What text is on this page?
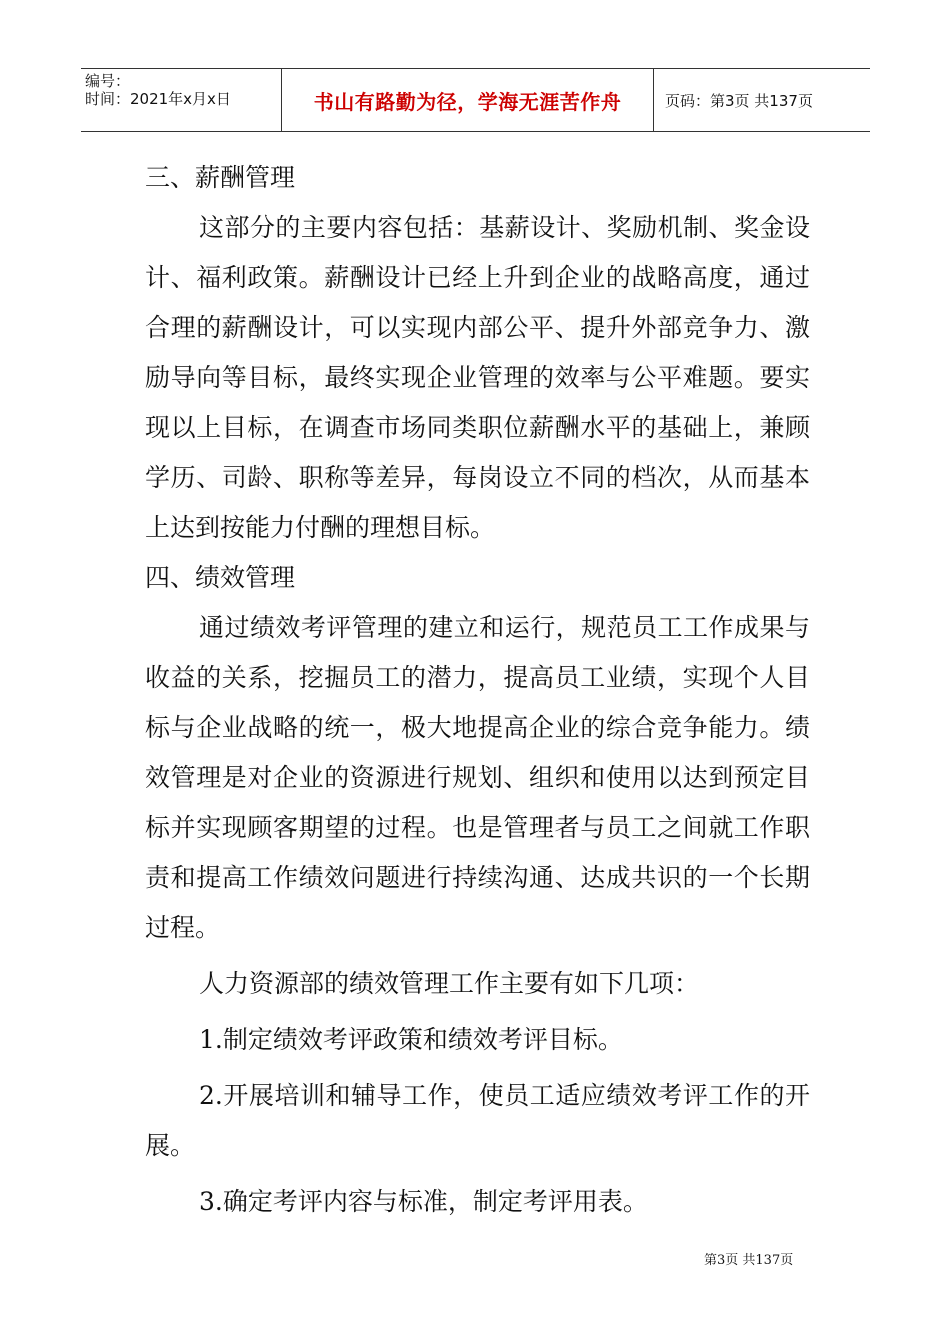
编号：
时间：2021年x月x日	书山有路勤为径，学海无涯苦作舟	页码：第3页 共137页

三、薪酬管理

这部分的主要内容包括：基薪设计、奖励机制、奖金设计、福利政策。薪酬设计已经上升到企业的战略高度，通过合理的薪酬设计，可以实现内部公平、提升外部竞争力、激励导向等目标，最终实现企业管理的效率与公平难题。要实现以上目标，在调查市场同类职位薪酬水平的基础上，兼顾学历、司龄、职称等差异，每岗设立不同的档次，从而基本上达到按能力付酬的理想目标。

四、绩效管理

通过绩效考评管理的建立和运行，规范员工工作成果与收益的关系，挖掘员工的潜力，提高员工业绩，实现个人目标与企业战略的统一，极大地提高企业的综合竞争能力。绩效管理是对企业的资源进行规划、组织和使用以达到预定目标并实现顾客期望的过程。也是管理者与员工之间就工作职责和提高工作绩效问题进行持续沟通、达成共识的一个长期过程。

人力资源部的绩效管理工作主要有如下几项：

1.制定绩效考评政策和绩效考评目标。

2.开展培训和辅导工作，使员工适应绩效考评工作的开展。

3.确定考评内容与标准，制定考评用表。

第3页 共137页
